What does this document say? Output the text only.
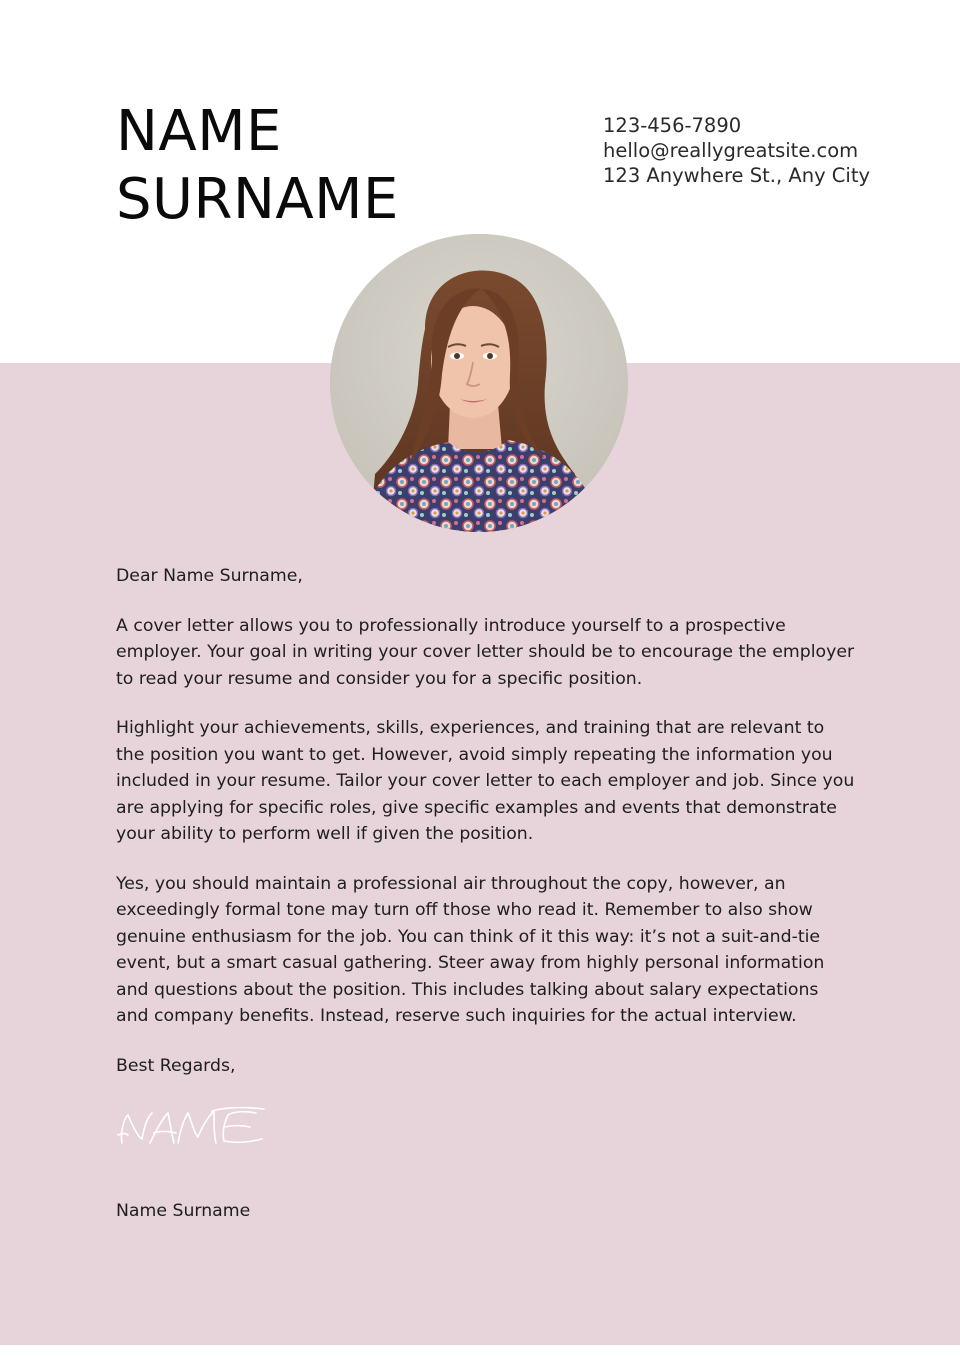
NAME
SURNAME
123-456-7890
hello@reallygreatsite.com
123 Anywhere St., Any City

Dear Name Surname,

A cover letter allows you to professionally introduce yourself to a prospective employer. Your goal in writing your cover letter should be to encourage the employer to read your resume and consider you for a specific position.

Highlight your achievements, skills, experiences, and training that are relevant to the position you want to get. However, avoid simply repeating the information you included in your resume. Tailor your cover letter to each employer and job. Since you are applying for specific roles, give specific examples and events that demonstrate your ability to perform well if given the position.

Yes, you should maintain a professional air throughout the copy, however, an exceedingly formal tone may turn off those who read it. Remember to also show genuine enthusiasm for the job. You can think of it this way: it’s not a suit-and-tie event, but a smart casual gathering. Steer away from highly personal information and questions about the position. This includes talking about salary expectations and company benefits. Instead, reserve such inquiries for the actual interview.

Best Regards,

Name Surname
